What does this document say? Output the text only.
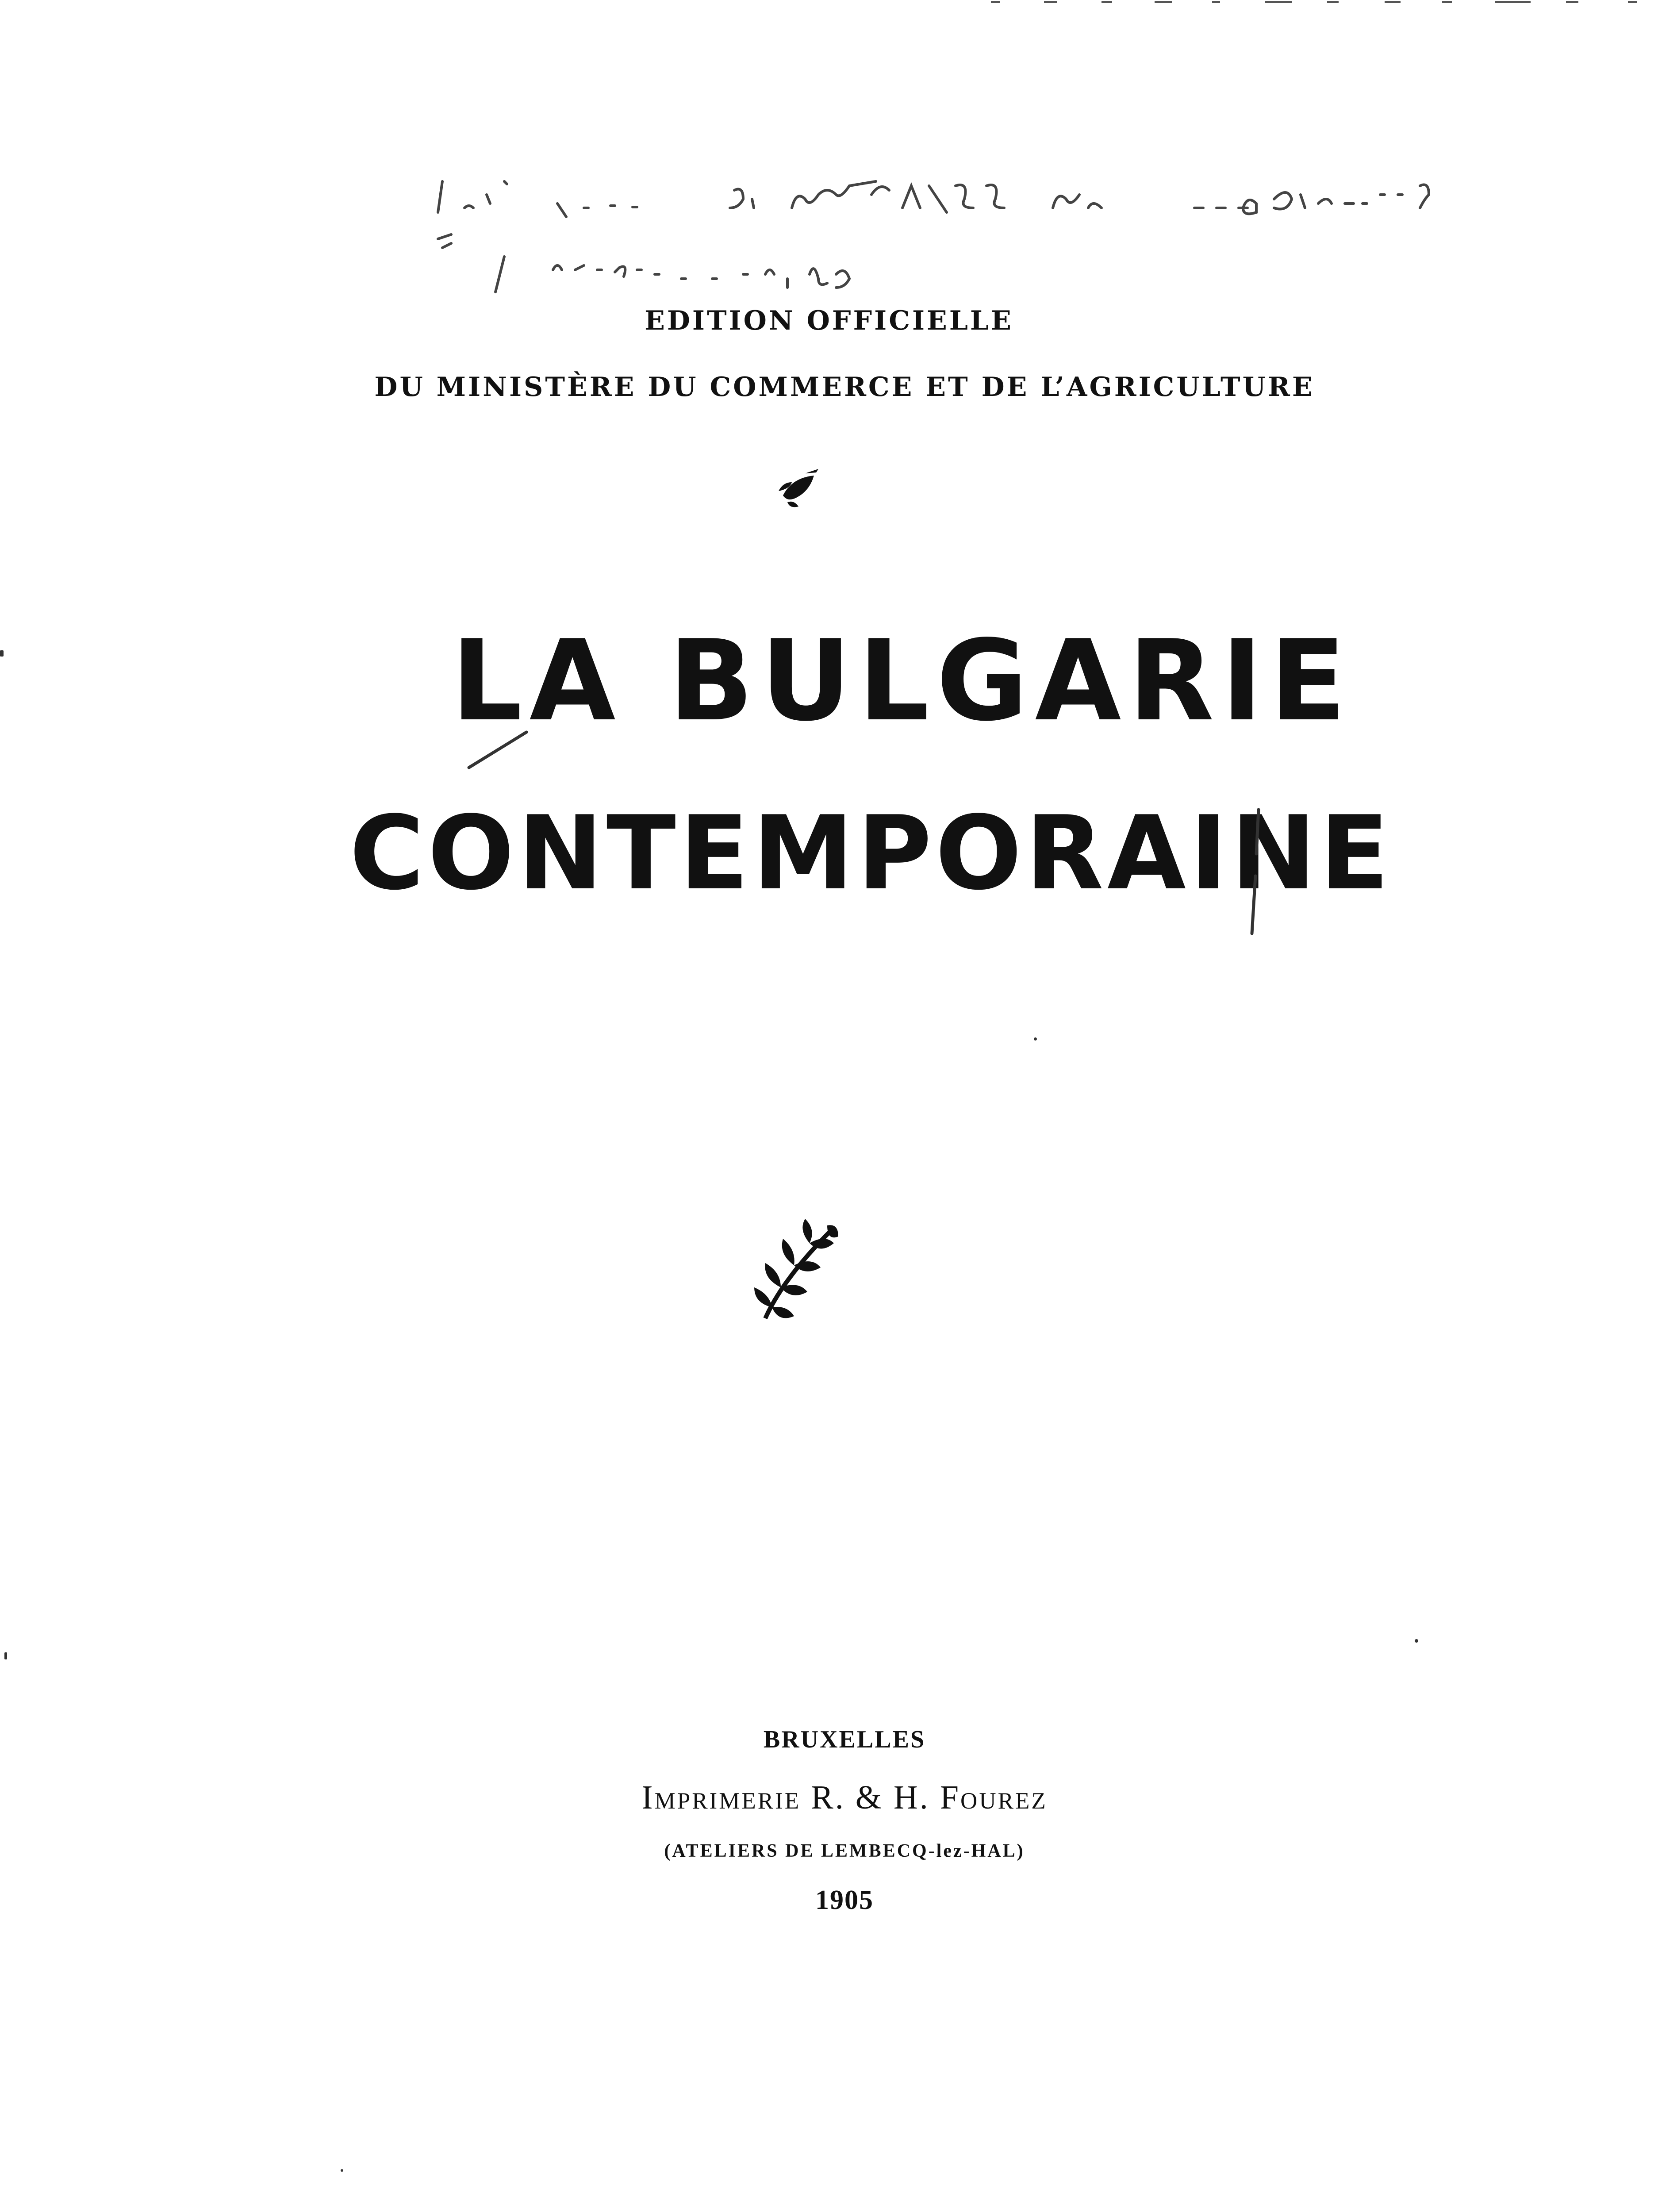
EDITION OFFICIELLE
DU MINISTÈRE DU COMMERCE ET DE L’AGRICULTURE
LA BULGARIE
CONTEMPORAINE
BRUXELLES
Imprimerie R. & H. Fourez
(ATELIERS DE LEMBECQ-lez-HAL)
1905
